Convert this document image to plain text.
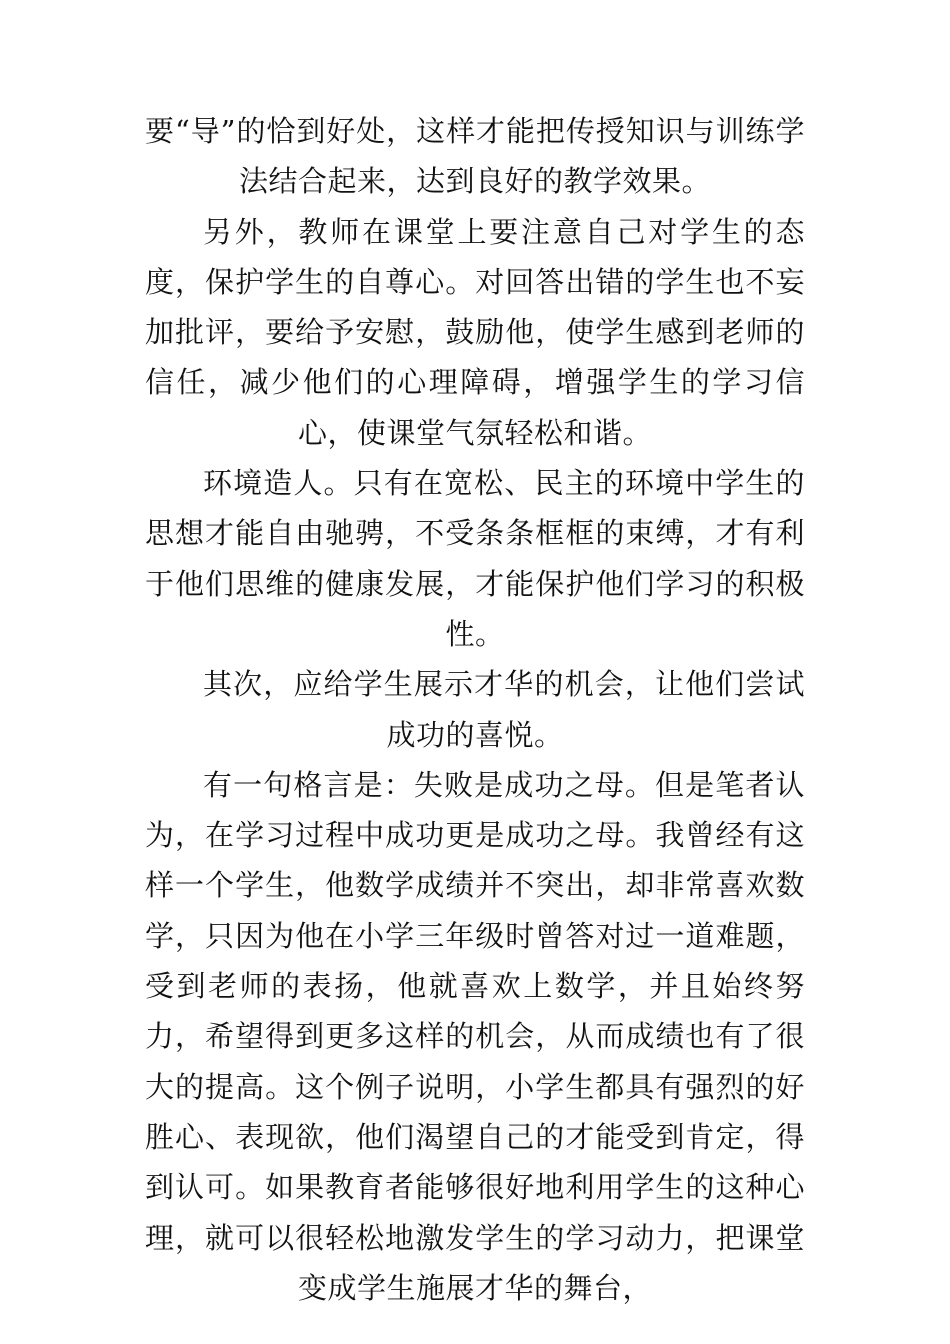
要“导”的恰到好处，这样才能把传授知识与训练学法结合起来，达到良好的教学效果。

另外，教师在课堂上要注意自己对学生的态度，保护学生的自尊心。对回答出错的学生也不妄加批评，要给予安慰，鼓励他，使学生感到老师的信任，减少他们的心理障碍，增强学生的学习信心，使课堂气氛轻松和谐。

环境造人。只有在宽松、民主的环境中学生的思想才能自由驰骋，不受条条框框的束缚，才有利于他们思维的健康发展，才能保护他们学习的积极性。

其次，应给学生展示才华的机会，让他们尝试成功的喜悦。

有一句格言是：失败是成功之母。但是笔者认为，在学习过程中成功更是成功之母。我曾经有这样一个学生，他数学成绩并不突出，却非常喜欢数学，只因为他在小学三年级时曾答对过一道难题，受到老师的表扬，他就喜欢上数学，并且始终努力，希望得到更多这样的机会，从而成绩也有了很大的提高。这个例子说明，小学生都具有强烈的好胜心、表现欲，他们渴望自己的才能受到肯定，得到认可。如果教育者能够很好地利用学生的这种心理，就可以很轻松地激发学生的学习动力，把课堂变成学生施展才华的舞台，
